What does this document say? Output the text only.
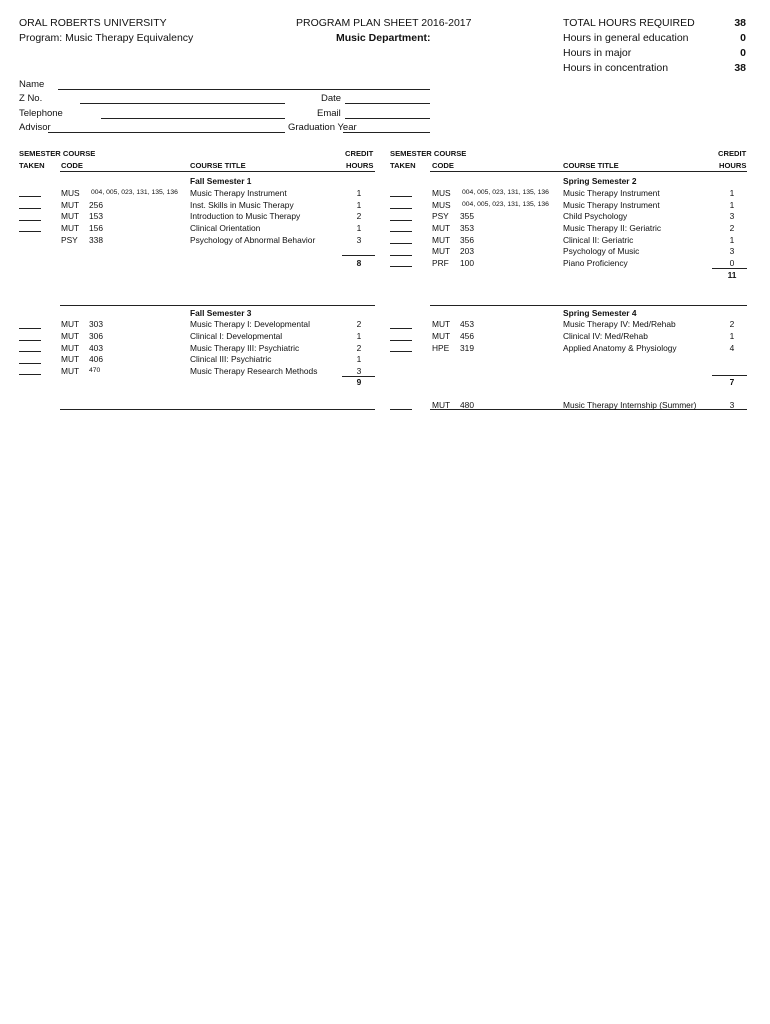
ORAL ROBERTS UNIVERSITY
Program: Music Therapy Equivalency
PROGRAM PLAN SHEET 2016-2017
Music Department:
TOTAL HOURS REQUIRED	38
Hours in general education	0
Hours in major	0
Hours in concentration	38
Name
Z No.	Date
Telephone	Email
Advisor	Graduation Year
SEMESTER COURSE
TAKEN CODE	COURSE TITLE
CREDIT
HOURS
SEMESTER COURSE
TAKEN CODE	COURSE TITLE
CREDIT
HOURS
Fall Semester 1
MUS 004, 005, 023, 131, 135, 136 Music Therapy Instrument	1
MUT 256	Inst. Skills in Music Therapy	1
MUT 153	Introduction to Music Therapy	2
MUT 156	Clinical Orientation	1
PSY 338	Psychology of Abnormal Behavior	3
8
Spring Semester 2
MUS 004, 005, 023, 131, 135, 136 Music Therapy Instrument	1
MUS 004, 005, 023, 131, 135, 136 Music Therapy Instrument	1
PSY 355	Child Psychology	3
MUT 353	Music Therapy II: Geriatric	2
MUT 356	Clinical II: Geriatric	1
MUT 203	Psychology of Music	3
PRF 100	Piano Proficiency	0
11
Fall Semester 3
MUT 303	Music Therapy I: Developmental	2
MUT 306	Clinical I: Developmental	1
MUT 403	Music Therapy III: Psychiatric	2
MUT 406	Clinical III: Psychiatric	1
MUT 470	Music Therapy Research Methods	3
9
Spring Semester 4
MUT 453	Music Therapy IV: Med/Rehab	2
MUT 456	Clinical IV: Med/Rehab	1
HPE 319	Applied Anatomy & Physiology	4
7
MUT 480	Music Therapy Internship (Summer)	3
